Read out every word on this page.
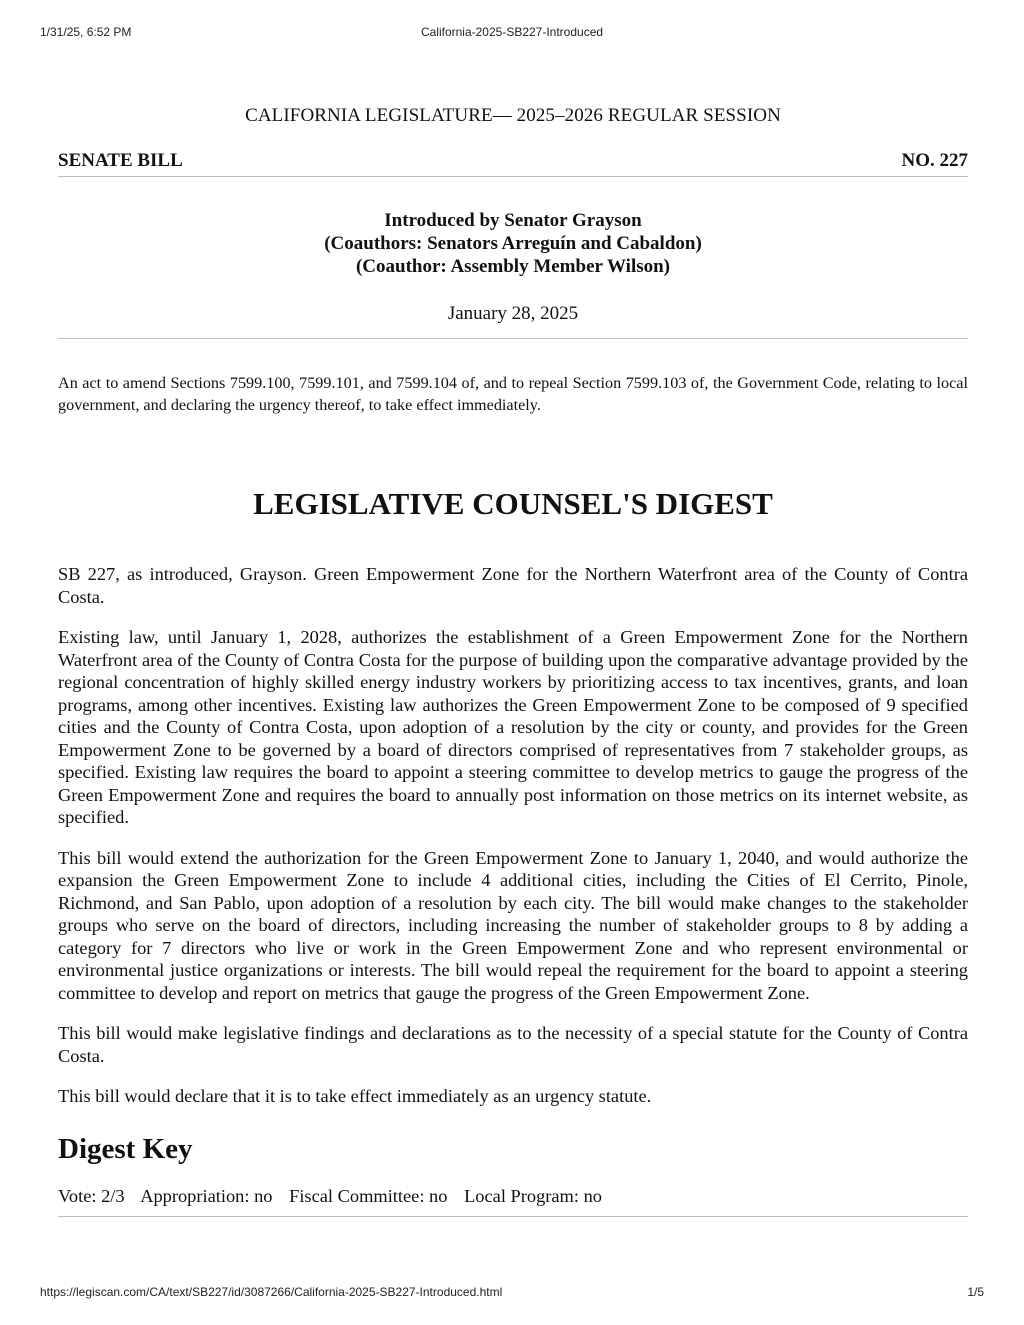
1/31/25, 6:52 PM	California-2025-SB227-Introduced

CALIFORNIA LEGISLATURE— 2025–2026 REGULAR SESSION

SENATE BILL	NO. 227
Introduced by Senator Grayson
(Coauthors: Senators Arreguín and Cabaldon)
(Coauthor: Assembly Member Wilson)
January 28, 2025

An act to amend Sections 7599.100, 7599.101, and 7599.104 of, and to repeal Section 7599.103 of, the Government Code, relating to local government, and declaring the urgency thereof, to take effect immediately.

LEGISLATIVE COUNSEL'S DIGEST

SB 227, as introduced, Grayson. Green Empowerment Zone for the Northern Waterfront area of the County of Contra Costa.

Existing law, until January 1, 2028, authorizes the establishment of a Green Empowerment Zone for the Northern Waterfront area of the County of Contra Costa for the purpose of building upon the comparative advantage provided by the regional concentration of highly skilled energy industry workers by prioritizing access to tax incentives, grants, and loan programs, among other incentives. Existing law authorizes the Green Empowerment Zone to be composed of 9 specified cities and the County of Contra Costa, upon adoption of a resolution by the city or county, and provides for the Green Empowerment Zone to be governed by a board of directors comprised of representatives from 7 stakeholder groups, as specified. Existing law requires the board to appoint a steering committee to develop metrics to gauge the progress of the Green Empowerment Zone and requires the board to annually post information on those metrics on its internet website, as specified.

This bill would extend the authorization for the Green Empowerment Zone to January 1, 2040, and would authorize the expansion the Green Empowerment Zone to include 4 additional cities, including the Cities of El Cerrito, Pinole, Richmond, and San Pablo, upon adoption of a resolution by each city. The bill would make changes to the stakeholder groups who serve on the board of directors, including increasing the number of stakeholder groups to 8 by adding a category for 7 directors who live or work in the Green Empowerment Zone and who represent environmental or environmental justice organizations or interests. The bill would repeal the requirement for the board to appoint a steering committee to develop and report on metrics that gauge the progress of the Green Empowerment Zone.

This bill would make legislative findings and declarations as to the necessity of a special statute for the County of Contra Costa.

This bill would declare that it is to take effect immediately as an urgency statute.

Digest Key
Vote: 2/3 Appropriation: no Fiscal Committee: no Local Program: no
https://legiscan.com/CA/text/SB227/id/3087266/California-2025-SB227-Introduced.html	1/5
